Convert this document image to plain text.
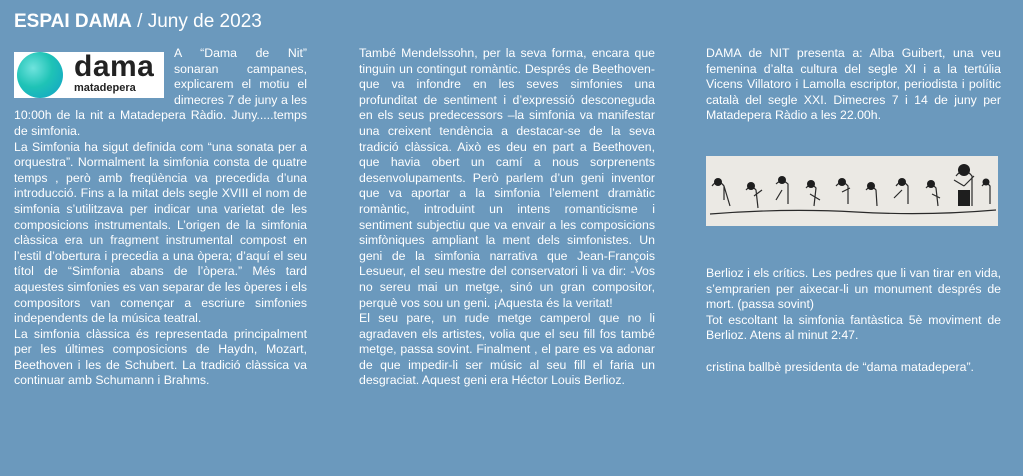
ESPAI DAMA / Juny de 2023
dama
matadepera

A “Dama de Nit” sonaran campanes, explicarem el motiu el dimecres 7 de juny a les 10:00h de la nit a Matadepera Ràdio. Juny.....temps de simfonia.

La Simfonia ha sigut definida com “una sonata per a orquestra”. Normalment la simfonia consta de quatre temps , però amb freqüència va precedida d’una introducció. Fins a la mitat dels segle XVIII el nom de simfonia s’utilitzava per indicar una varietat de les composicions instrumentals. L’origen de la simfonia clàssica era un fragment instrumental compost en l’estil d’obertura i precedia a una òpera; d’aquí el seu títol de “Simfonia abans de l’òpera.” Més tard aquestes simfonies es van separar de les òperes i els compositors van començar a escriure simfonies independents de la música teatral.

La simfonia clàssica és representada principalment per les últimes composicions de Haydn, Mozart, Beethoven i les de Schubert. La tradició clàssica va continuar amb Schumann i Brahms.

També Mendelssohn, per la seva forma, encara que tinguin un contingut romàntic. Després de Beethoven- que va infondre en les seves simfonies una profunditat de sentiment i d’expressió desconeguda en els seus predecessors –la simfonia va manifestar una creixent tendència a destacar-se de la seva tradició clàssica. Això es deu en part a Beethoven, que havia obert un camí a nous sorprenents desenvolupaments. Però parlem d’un geni inventor que va aportar a la simfonia l’element dramàtic romàntic, introduint un intens romanticisme i sentiment subjectiu que va envair a les composicions simfòniques ampliant la ment dels simfonistes. Un geni de la simfonia narrativa que Jean-François Lesueur, el seu mestre del conservatori li va dir: -Vos no sereu mai un metge, sinó un gran compositor, perquè vos sou un geni. ¡Aquesta és la veritat!

El seu pare, un rude metge camperol que no li agradaven els artistes, volia que el seu fill fos també metge, passa sovint. Finalment , el pare es va adonar de que impedir-li ser músic al seu fill el faria un desgraciat. Aquest geni era Héctor Louis Berlioz.

DAMA de NIT presenta a: Alba Guibert, una veu femenina d’alta cultura del segle XI i a la tertúlia Vicens Villatoro i Lamolla escriptor, periodista i polític català del segle XXI. Dimecres 7 i 14 de juny per Matadepera Ràdio a les 22.00h.

Berlioz i els crítics. Les pedres que li van tirar en vida, s’emprarien per aixecar-li un monument després de mort. (passa sovint)

Tot escoltant la simfonia fantàstica 5è moviment de Berlioz. Atens al minut 2:47.

cristina ballbè presidenta de “dama matadepera”.
